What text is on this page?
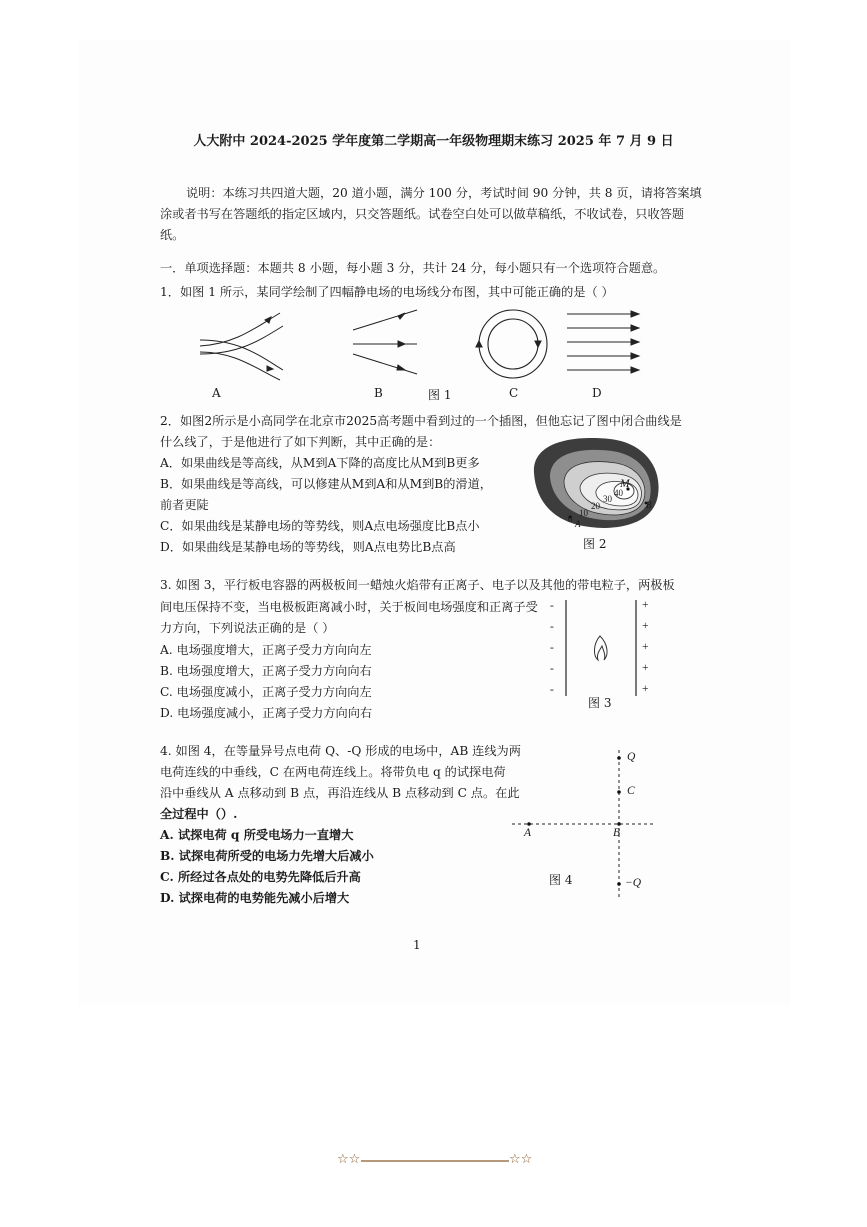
人大附中 2024-2025 学年度第二学期高一年级物理期末练习 2025 年 7 月 9 日
说明：本练习共四道大题，20 道小题，满分 100 分，考试时间 90 分钟，共 8 页，请将答案填
涂或者书写在答题纸的指定区域内，只交答题纸。试卷空白处可以做草稿纸，不收试卷，只收答题
纸。
一．单项选择题：本题共 8 小题，每小题 3 分，共计 24 分，每小题只有一个选项符合题意。
1．如图 1 所示，某同学绘制了四幅静电场的电场线分布图，其中可能正确的是（ ）
A	B	图 1	C	D
2．如图2所示是小高同学在北京市2025高考题中看到过的一个插图，但他忘记了图中闭合曲线是
什么线了，于是他进行了如下判断，其中正确的是：
A．如果曲线是等高线，从M到A下降的高度比从M到B更多
B．如果曲线是等高线，可以修建从M到A和从M到B的滑道，
前者更陡
C．如果曲线是某静电场的等势线，则A点电场强度比B点小
D．如果曲线是某静电场的等势线，则A点电势比B点高
M
40
30
20
10
0 A
B
图 2
3. 如图 3，平行板电容器的两极板间一蜡烛火焰带有正离子、电子以及其他的带电粒子，两极板
间电压保持不变，当电极板距离减小时，关于板间电场强度和正离子受
力方向，下列说法正确的是（ ）
A. 电场强度增大，正离子受力方向向左
B. 电场强度增大，正离子受力方向向右
C. 电场强度减小，正离子受力方向向左
D. 电场强度减小，正离子受力方向向右
-
-
-
-
-
+
+
+
+
+
图 3
4. 如图 4，在等量异号点电荷 Q、-Q 形成的电场中，AB 连线为两
电荷连线的中垂线，C 在两电荷连线上。将带负电 q 的试探电荷
沿中垂线从 A 点移动到 B 点，再沿连线从 B 点移动到 C 点。在此
全过程中（）.
A. 试探电荷 q 所受电场力一直增大
B. 试探电荷所受的电场力先增大后减小
C. 所经过各点处的电势先降低后升高
D. 试探电荷的电势能先减小后增大
Q
C
A	B
−Q
图 4
1
☆☆	☆☆
